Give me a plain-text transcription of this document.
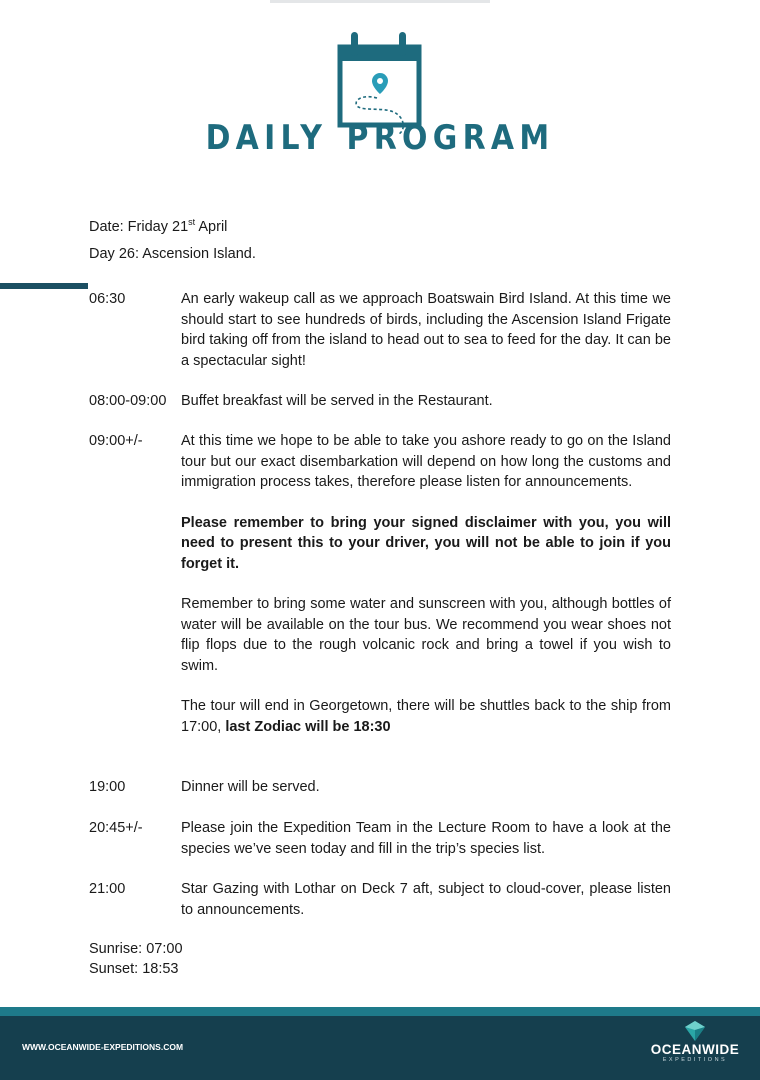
DAILY PROGRAM
Date: Friday 21st April
Day 26: Ascension Island.
06:30	An early wakeup call as we approach Boatswain Bird Island. At this time we should start to see hundreds of birds, including the Ascension Island Frigate bird taking off from the island to head out to sea to feed for the day. It can be a spectacular sight!
08:00-09:00	Buffet breakfast will be served in the Restaurant.
09:00+/-	At this time we hope to be able to take you ashore ready to go on the Island tour but our exact disembarkation will depend on how long the customs and immigration process takes, therefore please listen for announcements.

Please remember to bring your signed disclaimer with you, you will need to present this to your driver, you will not be able to join if you forget it.

Remember to bring some water and sunscreen with you, although bottles of water will be available on the tour bus. We recommend you wear shoes not flip flops due to the rough volcanic rock and bring a towel if you wish to swim.

The tour will end in Georgetown, there will be shuttles back to the ship from 17:00, last Zodiac will be 18:30

19:00	Dinner will be served.
20:45+/-	Please join the Expedition Team in the Lecture Room to have a look at the species we’ve seen today and fill in the trip’s species list.
21:00	Star Gazing with Lothar on Deck 7 aft, subject to cloud-cover, please listen to announcements.
Sunrise: 07:00
Sunset: 18:53
WWW.OCEANWIDE-EXPEDITIONS.COM	OCEANWIDE
EXPEDITIONS
